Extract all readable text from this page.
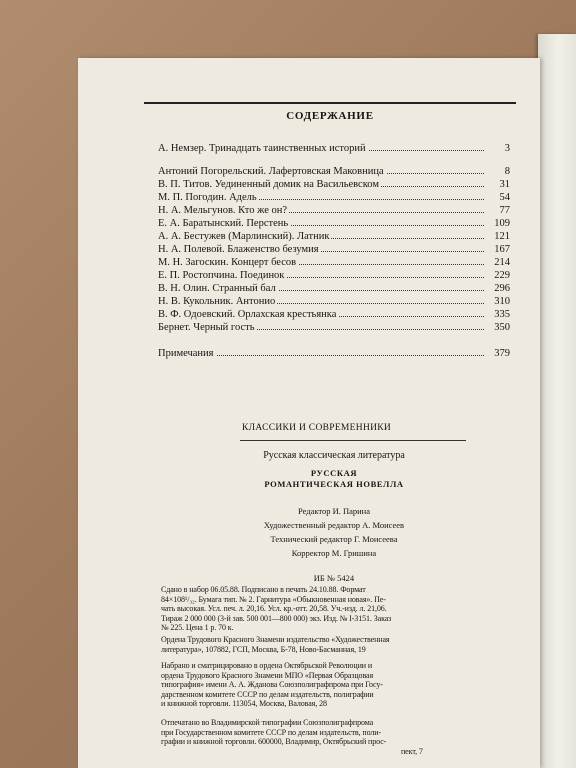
СОДЕРЖАНИЕ
А. Немзер. Тринадцать таинственных историй	3
Антоний Погорельский. Лафертовская Маковница	8
В. П. Титов. Уединенный домик на Васильевском	31
М. П. Погодин. Адель	54
Н. А. Мельгунов. Кто же он?	77
Е. А. Баратынский. Перстень	109
А. А. Бестужев (Марлинский). Латник	121
Н. А. Полевой. Блаженство безумия	167
М. Н. Загоскин. Концерт бесов	214
Е. П. Ростопчина. Поединок	229
В. Н. Олин. Странный бал	296
Н. В. Кукольник. Антонио	310
В. Ф. Одоевский. Орлахская крестьянка	335
Бернет. Черный гость	350
Примечания	379
КЛАССИКИ И СОВРЕМЕННИКИ
Русская классическая литература
РУССКАЯ
РОМАНТИЧЕСКАЯ НОВЕЛЛА
Редактор И. Парина
Художественный редактор А. Моисеев
Технический редактор Г. Моисеева
Корректор М. Гришина
ИБ № 5424
Сдано в набор 06.05.88. Подписано в печать 24.10.88. Формат
84×108¹/₃₂. Бумага тип. № 2. Гарнитура «Обыкновенная новая». Пе-
чать высокая. Усл. печ. л. 20,16. Усл. кр.-отт. 20,58. Уч.-изд. л. 21,06.
Тираж 2 000 000 (3-й зав. 500 001—800 000) экз. Изд. № I-3151. Заказ
№ 225. Цена 1 р. 70 к.
Ордена Трудового Красного Знамени издательство «Художественная
литература», 107882, ГСП, Москва, Б-78, Ново-Басманная, 19
Набрано и сматрицировано в ордена Октябрьской Революции и
ордена Трудового Красного Знамени МПО «Первая Образцовая
типография» имени А. А. Жданова Союзполиграфпрома при Госу-
дарственном комитете СССР по делам издательств, полиграфии
и книжной торговли. 113054, Москва, Валовая, 28
Отпечатано во Владимирской типографии Союзполиграфпрома
при Государственном комитете СССР по делам издательств, поли-
графии и книжной торговли. 600000, Владимир, Октябрьский прос-
пект, 7
